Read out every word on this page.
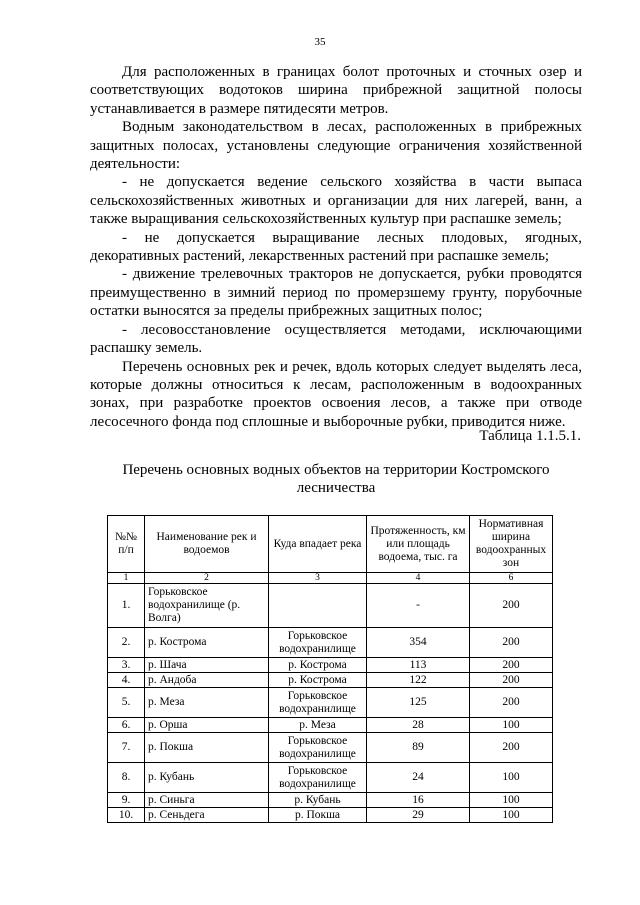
35

Для расположенных в границах болот проточных и сточных озер и соответствующих водотоков ширина прибрежной защитной полосы устанавливается в размере пятидесяти метров.

Водным законодательством в лесах, расположенных в прибрежных защитных полосах, установлены следующие ограничения хозяйственной деятельности:

- не допускается ведение сельского хозяйства в части выпаса сельскохозяйственных животных и организации для них лагерей, ванн, а также выращивания сельскохозяйственных культур при распашке земель;

- не допускается выращивание лесных плодовых, ягодных, декоративных растений, лекарственных растений при распашке земель;

- движение трелевочных тракторов не допускается, рубки проводятся преимущественно в зимний период по промерзшему грунту, порубочные остатки выносятся за пределы прибрежных защитных полос;

- лесовосстановление осуществляется методами, исключающими распашку земель.

Перечень основных рек и речек, вдоль которых следует выделять леса, которые должны относиться к лесам, расположенным в водоохранных зонах, при разработке проектов освоения лесов, а также при отводе лесосечного фонда под сплошные и выборочные рубки, приводится ниже.

Таблица 1.1.5.1.
Перечень основных водных объектов на территории Костромского лесничества
№№ п/п	Наименование рек и водоемов	Куда впадает река	Протяженность, км или площадь водоема, тыс. га	Нормативная ширина водоохранных зон
1	2	3	4	6
1.	Горьковское водохранилище (р. Волга)		-	200
2.	р. Кострома	Горьковское водохранилище	354	200
3.	р. Шача	р. Кострома	113	200
4.	р. Андоба	р. Кострома	122	200
5.	р. Меза	Горьковское водохранилище	125	200
6.	р. Орша	р. Меза	28	100
7.	р. Покша	Горьковское водохранилище	89	200
8.	р. Кубань	Горьковское водохранилище	24	100
9.	р. Синьга	р. Кубань	16	100
10.	р. Сеньдега	р. Покша	29	100
